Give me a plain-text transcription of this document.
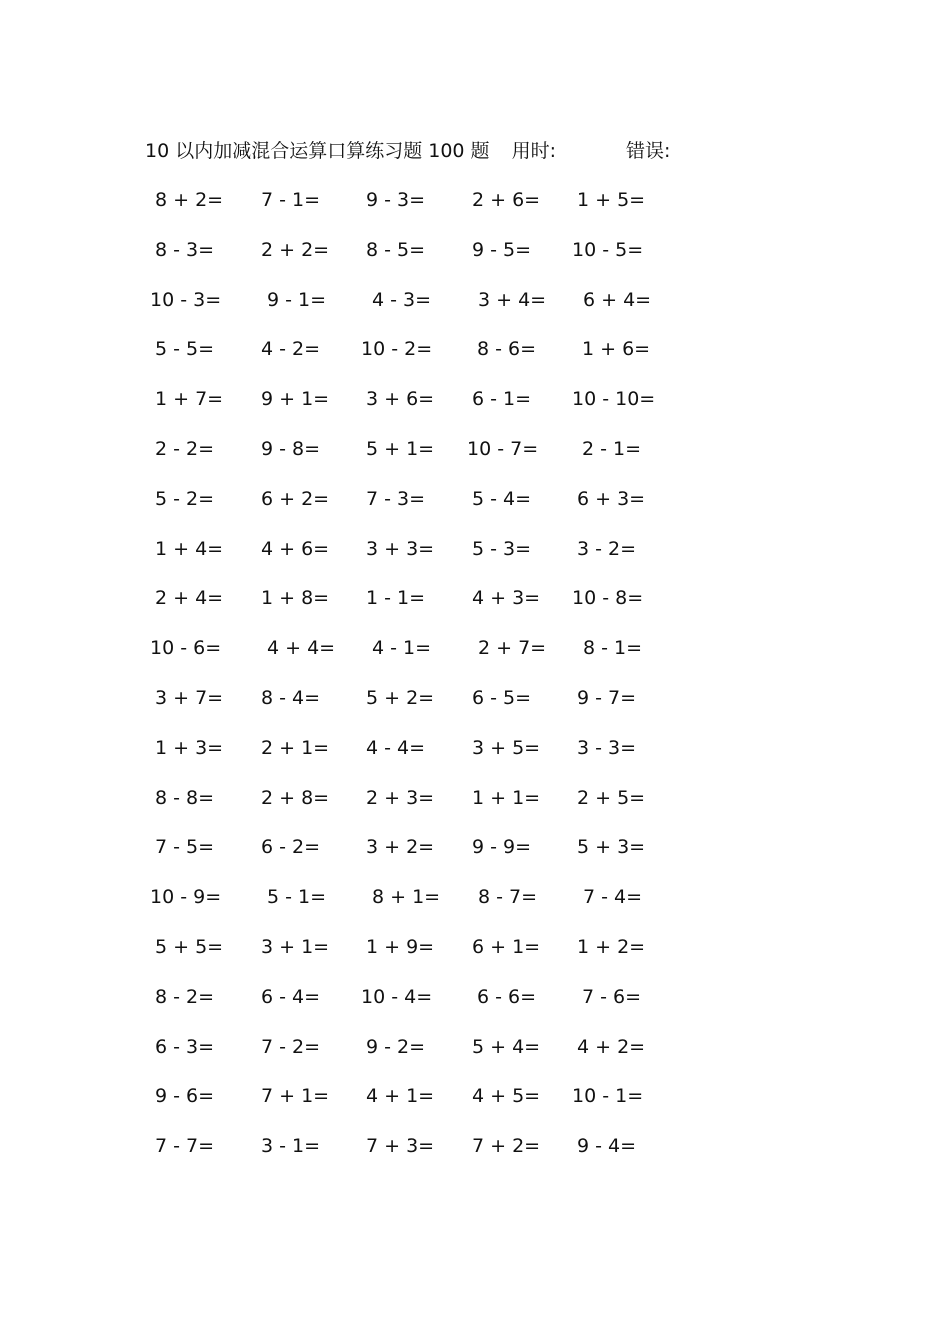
10 以内加减混合运算口算练习题 100 题 用时:	错误:
8 + 2= 7 - 1= 9 - 3= 2 + 6= 1 + 5=
8 - 3= 2 + 2= 8 - 5= 9 - 5= 10 - 5=
10 - 3= 9 - 1= 4 - 3= 3 + 4= 6 + 4=
5 - 5= 4 - 2= 10 - 2= 8 - 6= 1 + 6=
1 + 7= 9 + 1= 3 + 6= 6 - 1= 10 - 10=
2 - 2= 9 - 8= 5 + 1= 10 - 7= 2 - 1=
5 - 2= 6 + 2= 7 - 3= 5 - 4= 6 + 3=
1 + 4= 4 + 6= 3 + 3= 5 - 3= 3 - 2=
2 + 4= 1 + 8= 1 - 1= 4 + 3= 10 - 8=
10 - 6= 4 + 4= 4 - 1= 2 + 7= 8 - 1=
3 + 7= 8 - 4= 5 + 2= 6 - 5= 9 - 7=
1 + 3= 2 + 1= 4 - 4= 3 + 5= 3 - 3=
8 - 8= 2 + 8= 2 + 3= 1 + 1= 2 + 5=
7 - 5= 6 - 2= 3 + 2= 9 - 9= 5 + 3=
10 - 9= 5 - 1= 8 + 1= 8 - 7= 7 - 4=
5 + 5= 3 + 1= 1 + 9= 6 + 1= 1 + 2=
8 - 2= 6 - 4= 10 - 4= 6 - 6= 7 - 6=
6 - 3= 7 - 2= 9 - 2= 5 + 4= 4 + 2=
9 - 6= 7 + 1= 4 + 1= 4 + 5= 10 - 1=
7 - 7= 3 - 1= 7 + 3= 7 + 2= 9 - 4=
